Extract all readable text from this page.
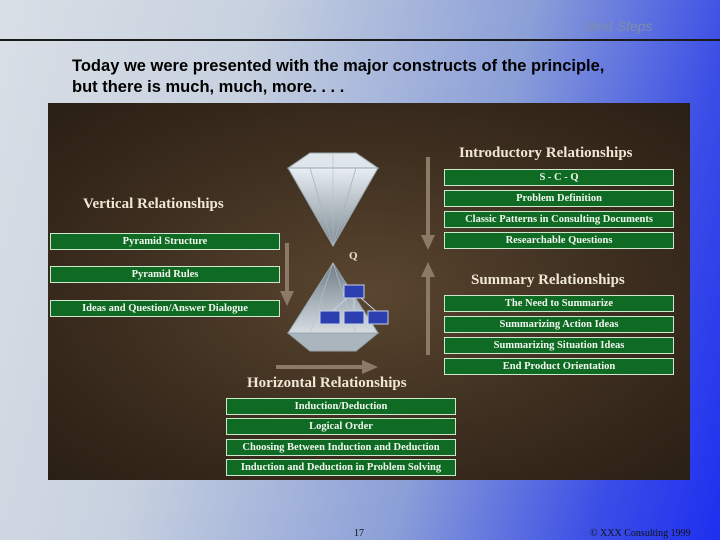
Next Steps
Today we were presented with the major constructs of the principle, but there is much, much, more. . . .
Q
Vertical Relationships
Pyramid Structure
Pyramid Rules
Ideas and Question/Answer Dialogue
Introductory Relationships
S - C - Q
Problem Definition
Classic Patterns in Consulting Documents
Researchable Questions
Summary Relationships
The Need to Summarize
Summarizing Action Ideas
Summarizing Situation Ideas
End Product Orientation
Horizontal Relationships
Induction/Deduction
Logical Order
Choosing Between Induction and Deduction
Induction and Deduction in Problem Solving
17	© XXX Consulting 1999
